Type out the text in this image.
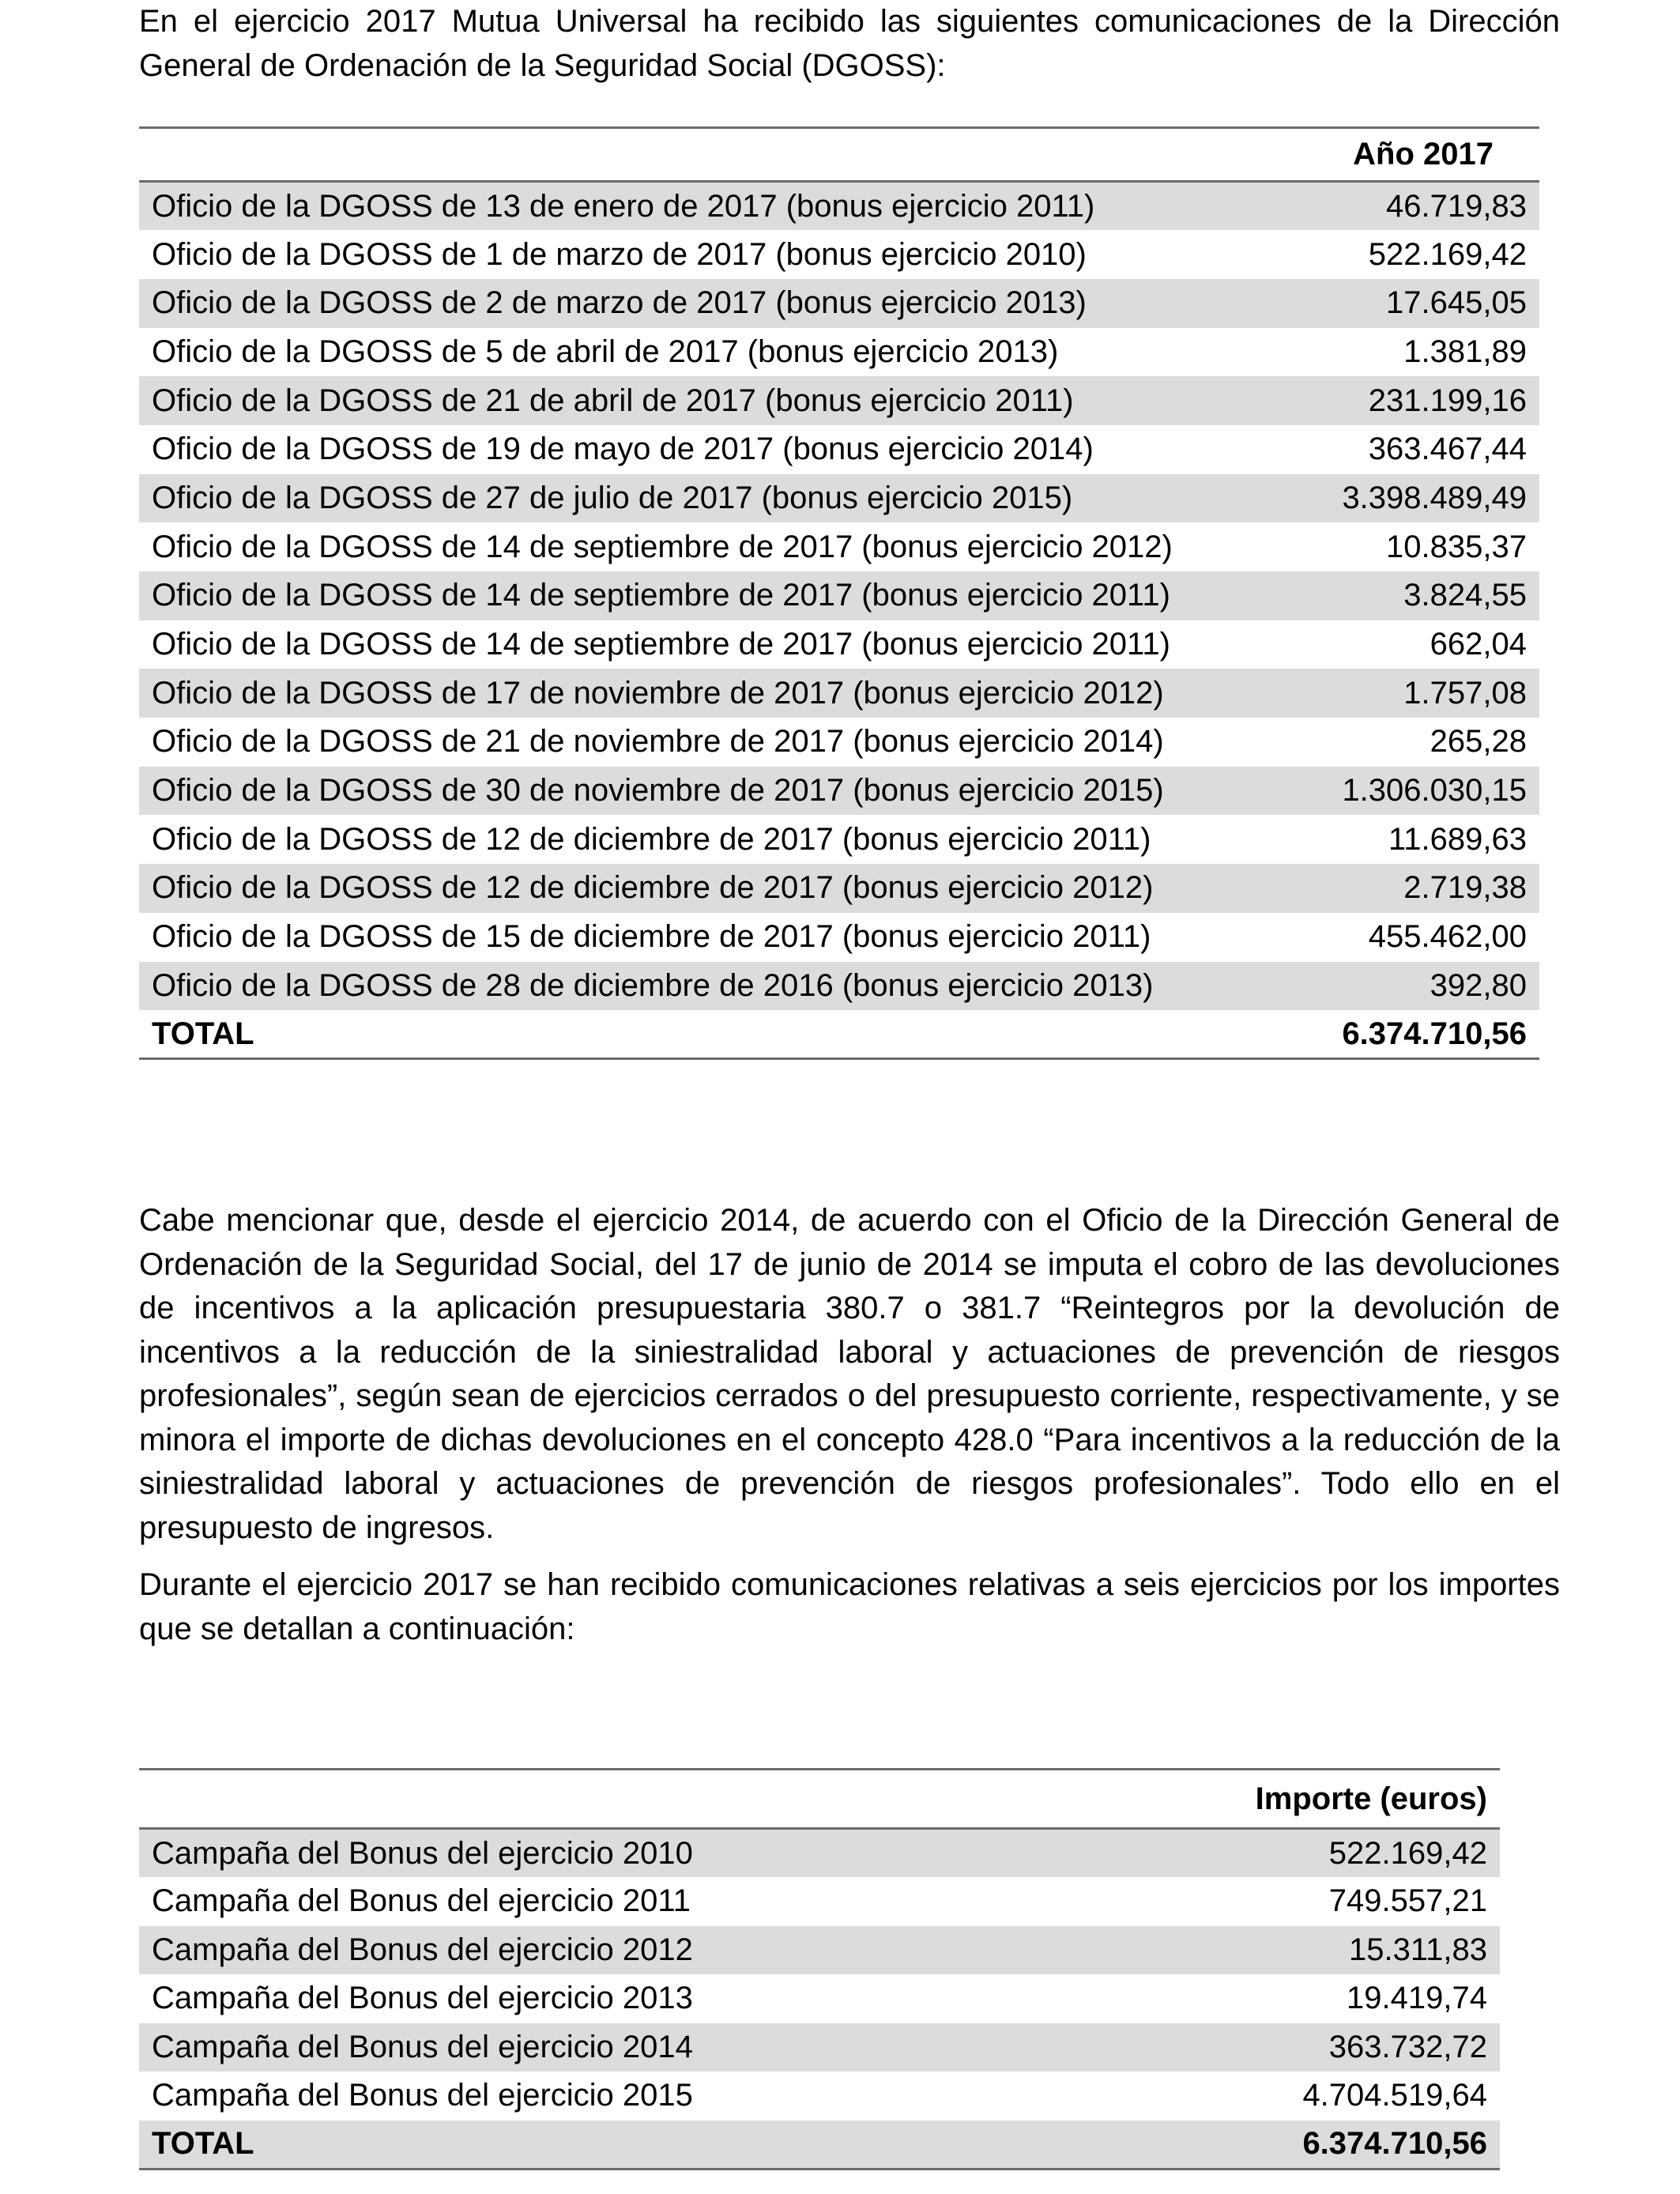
En el ejercicio 2017 Mutua Universal ha recibido las siguientes comunicaciones de la Dirección General de Ordenación de la Seguridad Social (DGOSS):

	Año 2017
Oficio de la DGOSS de 13 de enero de 2017 (bonus ejercicio 2011)	46.719,83
Oficio de la DGOSS de 1 de marzo de 2017 (bonus ejercicio 2010)	522.169,42
Oficio de la DGOSS de 2 de marzo de 2017 (bonus ejercicio 2013)	17.645,05
Oficio de la DGOSS de 5 de abril de 2017 (bonus ejercicio 2013)	1.381,89
Oficio de la DGOSS de 21 de abril de 2017 (bonus ejercicio 2011)	231.199,16
Oficio de la DGOSS de 19 de mayo de 2017 (bonus ejercicio 2014)	363.467,44
Oficio de la DGOSS de 27 de julio de 2017 (bonus ejercicio 2015)	3.398.489,49
Oficio de la DGOSS de 14 de septiembre de 2017 (bonus ejercicio 2012)	10.835,37
Oficio de la DGOSS de 14 de septiembre de 2017 (bonus ejercicio 2011)	3.824,55
Oficio de la DGOSS de 14 de septiembre de 2017 (bonus ejercicio 2011)	662,04
Oficio de la DGOSS de 17 de noviembre de 2017 (bonus ejercicio 2012)	1.757,08
Oficio de la DGOSS de 21 de noviembre de 2017 (bonus ejercicio 2014)	265,28
Oficio de la DGOSS de 30 de noviembre de 2017 (bonus ejercicio 2015)	1.306.030,15
Oficio de la DGOSS de 12 de diciembre de 2017 (bonus ejercicio 2011)	11.689,63
Oficio de la DGOSS de 12 de diciembre de 2017 (bonus ejercicio 2012)	2.719,38
Oficio de la DGOSS de 15 de diciembre de 2017 (bonus ejercicio 2011)	455.462,00
Oficio de la DGOSS de 28 de diciembre de 2016 (bonus ejercicio 2013)	392,80
TOTAL	6.374.710,56

Cabe mencionar que, desde el ejercicio 2014, de acuerdo con el Oficio de la Dirección General de Ordenación de la Seguridad Social, del 17 de junio de 2014 se imputa el cobro de las devoluciones de incentivos a la aplicación presupuestaria 380.7 o 381.7 “Reintegros por la devolución de incentivos a la reducción de la siniestralidad laboral y actuaciones de prevención de riesgos profesionales”, según sean de ejercicios cerrados o del presupuesto corriente, respectivamente, y se minora el importe de dichas devoluciones en el concepto 428.0 “Para incentivos a la reducción de la siniestralidad laboral y actuaciones de prevención de riesgos profesionales”. Todo ello en el presupuesto de ingresos.

Durante el ejercicio 2017 se han recibido comunicaciones relativas a seis ejercicios por los importes que se detallan a continuación:

	Importe (euros)
Campaña del Bonus del ejercicio 2010	522.169,42
Campaña del Bonus del ejercicio 2011	749.557,21
Campaña del Bonus del ejercicio 2012	15.311,83
Campaña del Bonus del ejercicio 2013	19.419,74
Campaña del Bonus del ejercicio 2014	363.732,72
Campaña del Bonus del ejercicio 2015	4.704.519,64
TOTAL	6.374.710,56
